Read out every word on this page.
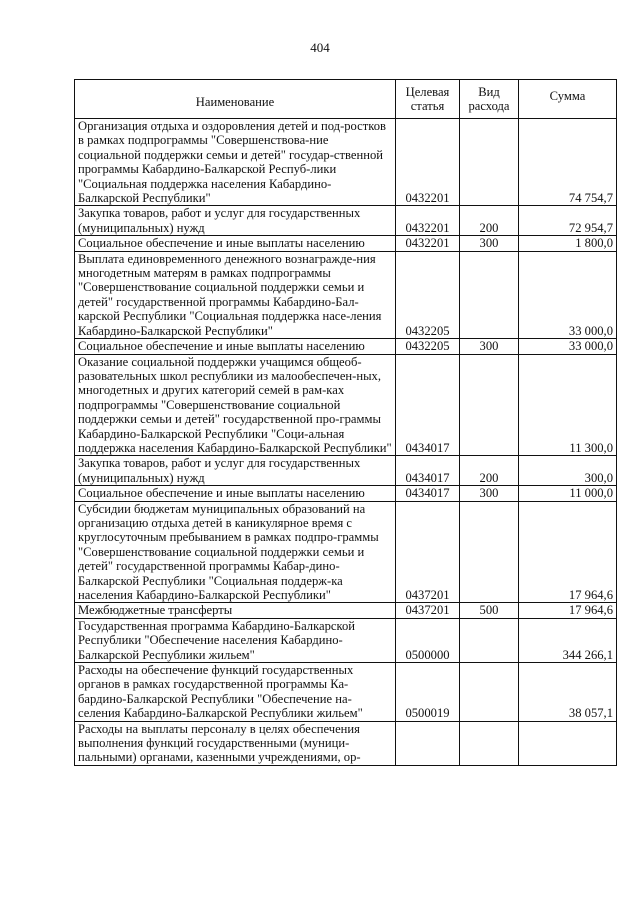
404
Наименование	Целевая статья	Вид расхода	Сумма
Организация отдыха и оздоровления детей и под-ростков в рамках подпрограммы "Совершенствова-ние социальной поддержки семьи и детей" государ-ственной программы Кабардино-Балкарской Респуб-лики "Социальная поддержка населения Кабардино-Балкарской Республики"	0432201		74 754,7
Закупка товаров, работ и услуг для государственных (муниципальных) нужд	0432201	200	72 954,7
Социальное обеспечение и иные выплаты населению	0432201	300	1 800,0
Выплата единовременного денежного вознагражде-ния многодетным матерям в рамках подпрограммы "Совершенствование социальной поддержки семьи и детей" государственной программы Кабардино-Бал-карской Республики "Социальная поддержка насе-ления Кабардино-Балкарской Республики"	0432205		33 000,0
Социальное обеспечение и иные выплаты населению	0432205	300	33 000,0
Оказание социальной поддержки учащимся общеоб-разовательных школ республики из малообеспечен-ных, многодетных и других категорий семей в рам-ках подпрограммы "Совершенствование социальной поддержки семьи и детей" государственной про-граммы Кабардино-Балкарской Республики "Соци-альная поддержка населения Кабардино-Балкарской Республики"	0434017		11 300,0
Закупка товаров, работ и услуг для государственных (муниципальных) нужд	0434017	200	300,0
Социальное обеспечение и иные выплаты населению	0434017	300	11 000,0
Субсидии бюджетам муниципальных образований на организацию отдыха детей в каникулярное время с круглосуточным пребыванием в рамках подпро-граммы "Совершенствование социальной поддержки семьи и детей" государственной программы Кабар-дино-Балкарской Республики "Социальная поддерж-ка населения Кабардино-Балкарской Республики"	0437201		17 964,6
Межбюджетные трансферты	0437201	500	17 964,6
Государственная программа Кабардино-Балкарской Республики "Обеспечение населения Кабардино-Балкарской Республики жильем"	0500000		344 266,1
Расходы на обеспечение функций государственных органов в рамках государственной программы Ка-бардино-Балкарской Республики "Обеспечение на-селения Кабардино-Балкарской Республики жильем"	0500019		38 057,1
Расходы на выплаты персоналу в целях обеспечения выполнения функций государственными (муници-пальными) органами, казенными учреждениями, ор-			
